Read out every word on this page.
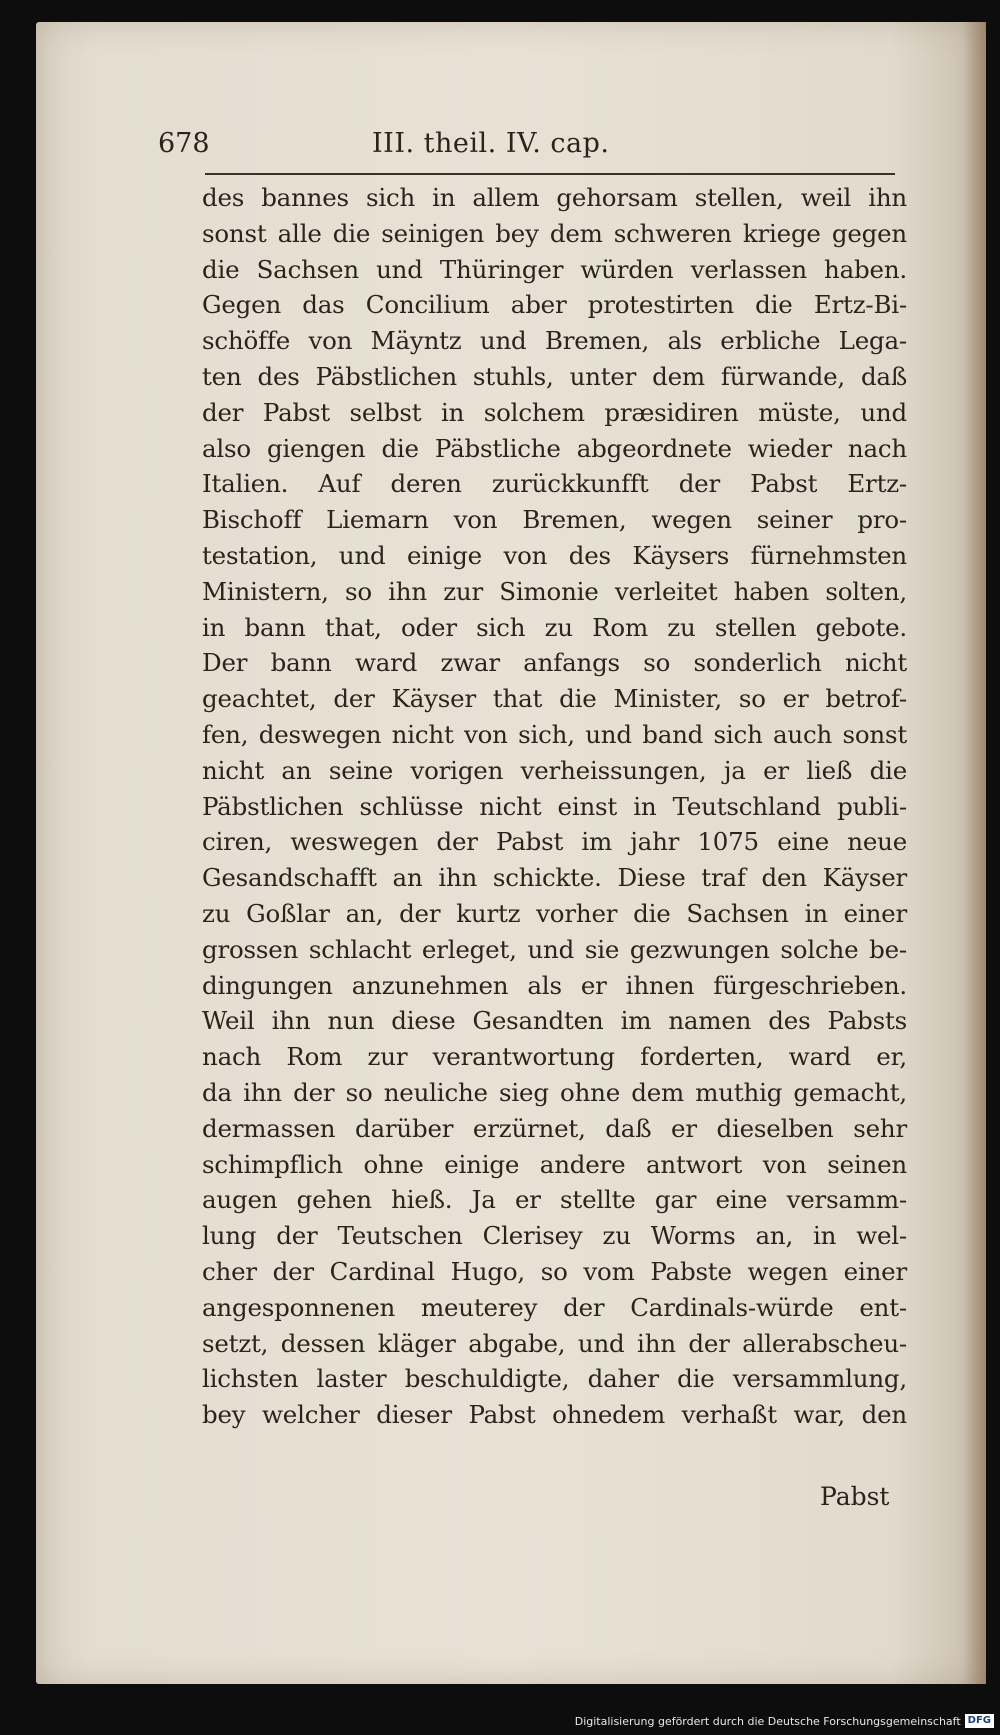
678	III. theil. IV. cap.
des bannes sich in allem gehorsam stellen, weil ihn
sonst alle die seinigen bey dem schweren kriege gegen
die Sachsen und Thüringer würden verlassen haben.
Gegen das Concilium aber protestirten die Ertz-Bi-
schöffe von Mäyntz und Bremen, als erbliche Lega-
ten des Päbstlichen stuhls, unter dem fürwande, daß
der Pabst selbst in solchem præsidiren müste, und
also giengen die Päbstliche abgeordnete wieder nach
Italien. Auf deren zurückkunfft der Pabst Ertz-
Bischoff Liemarn von Bremen, wegen seiner pro-
testation, und einige von des Käysers fürnehmsten
Ministern, so ihn zur Simonie verleitet haben solten,
in bann that, oder sich zu Rom zu stellen gebote.
Der bann ward zwar anfangs so sonderlich nicht
geachtet, der Käyser that die Minister, so er betrof-
fen, deswegen nicht von sich, und band sich auch sonst
nicht an seine vorigen verheissungen, ja er ließ die
Päbstlichen schlüsse nicht einst in Teutschland publi-
ciren, weswegen der Pabst im jahr 1075 eine neue
Gesandschafft an ihn schickte. Diese traf den Käyser
zu Goßlar an, der kurtz vorher die Sachsen in einer
grossen schlacht erleget, und sie gezwungen solche be-
dingungen anzunehmen als er ihnen fürgeschrieben.
Weil ihn nun diese Gesandten im namen des Pabsts
nach Rom zur verantwortung forderten, ward er,
da ihn der so neuliche sieg ohne dem muthig gemacht,
dermassen darüber erzürnet, daß er dieselben sehr
schimpflich ohne einige andere antwort von seinen
augen gehen hieß. Ja er stellte gar eine versamm-
lung der Teutschen Clerisey zu Worms an, in wel-
cher der Cardinal Hugo, so vom Pabste wegen einer
angesponnenen meuterey der Cardinals-würde ent-
setzt, dessen kläger abgabe, und ihn der allerabscheu-
lichsten laster beschuldigte, daher die versammlung,
bey welcher dieser Pabst ohnedem verhaßt war, den
Pabst
Digitalisierung gefördert durch die Deutsche Forschungsgemeinschaft DFG
